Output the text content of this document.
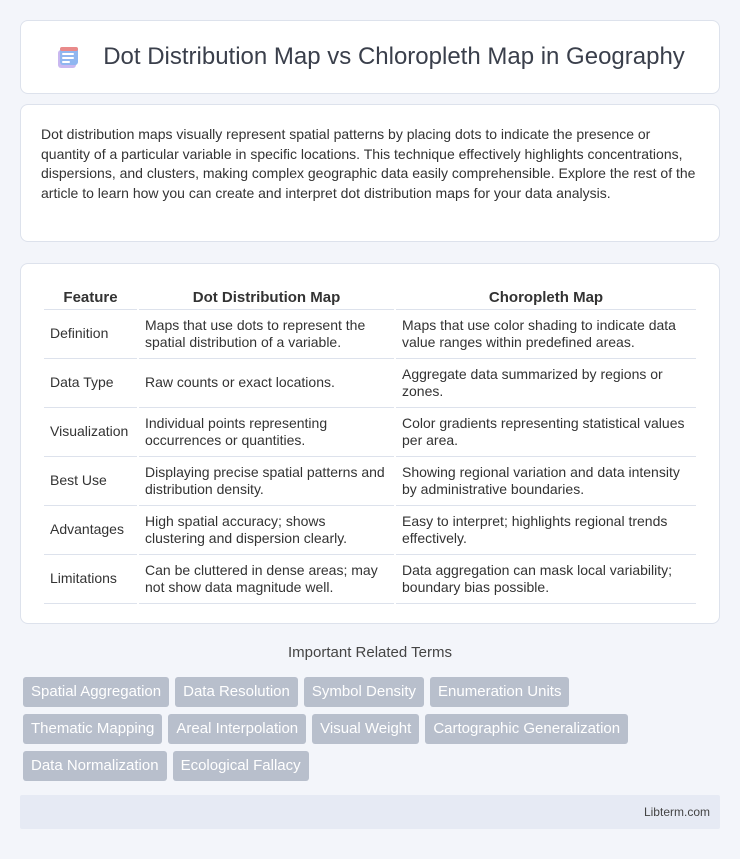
Dot Distribution Map vs Chloropleth Map in Geography

Dot distribution maps visually represent spatial patterns by placing dots to indicate the presence or quantity of a particular variable in specific locations. This technique effectively highlights concentrations, dispersions, and clusters, making complex geographic data easily comprehensible. Explore the rest of the article to learn how you can create and interpret dot distribution maps for your data analysis.

Feature	Dot Distribution Map	Choropleth Map
Definition	Maps that use dots to represent the spatial distribution of a variable.	Maps that use color shading to indicate data value ranges within predefined areas.
Data Type	Raw counts or exact locations.	Aggregate data summarized by regions or zones.
Visualization	Individual points representing occurrences or quantities.	Color gradients representing statistical values per area.
Best Use	Displaying precise spatial patterns and distribution density.	Showing regional variation and data intensity by administrative boundaries.
Advantages	High spatial accuracy; shows clustering and dispersion clearly.	Easy to interpret; highlights regional trends effectively.
Limitations	Can be cluttered in dense areas; may not show data magnitude well.	Data aggregation can mask local variability; boundary bias possible.
Important Related Terms
Spatial Aggregation	Data Resolution	Symbol Density	Enumeration Units
Thematic Mapping	Areal Interpolation	Visual Weight	Cartographic Generalization
Data Normalization	Ecological Fallacy
Libterm.com
